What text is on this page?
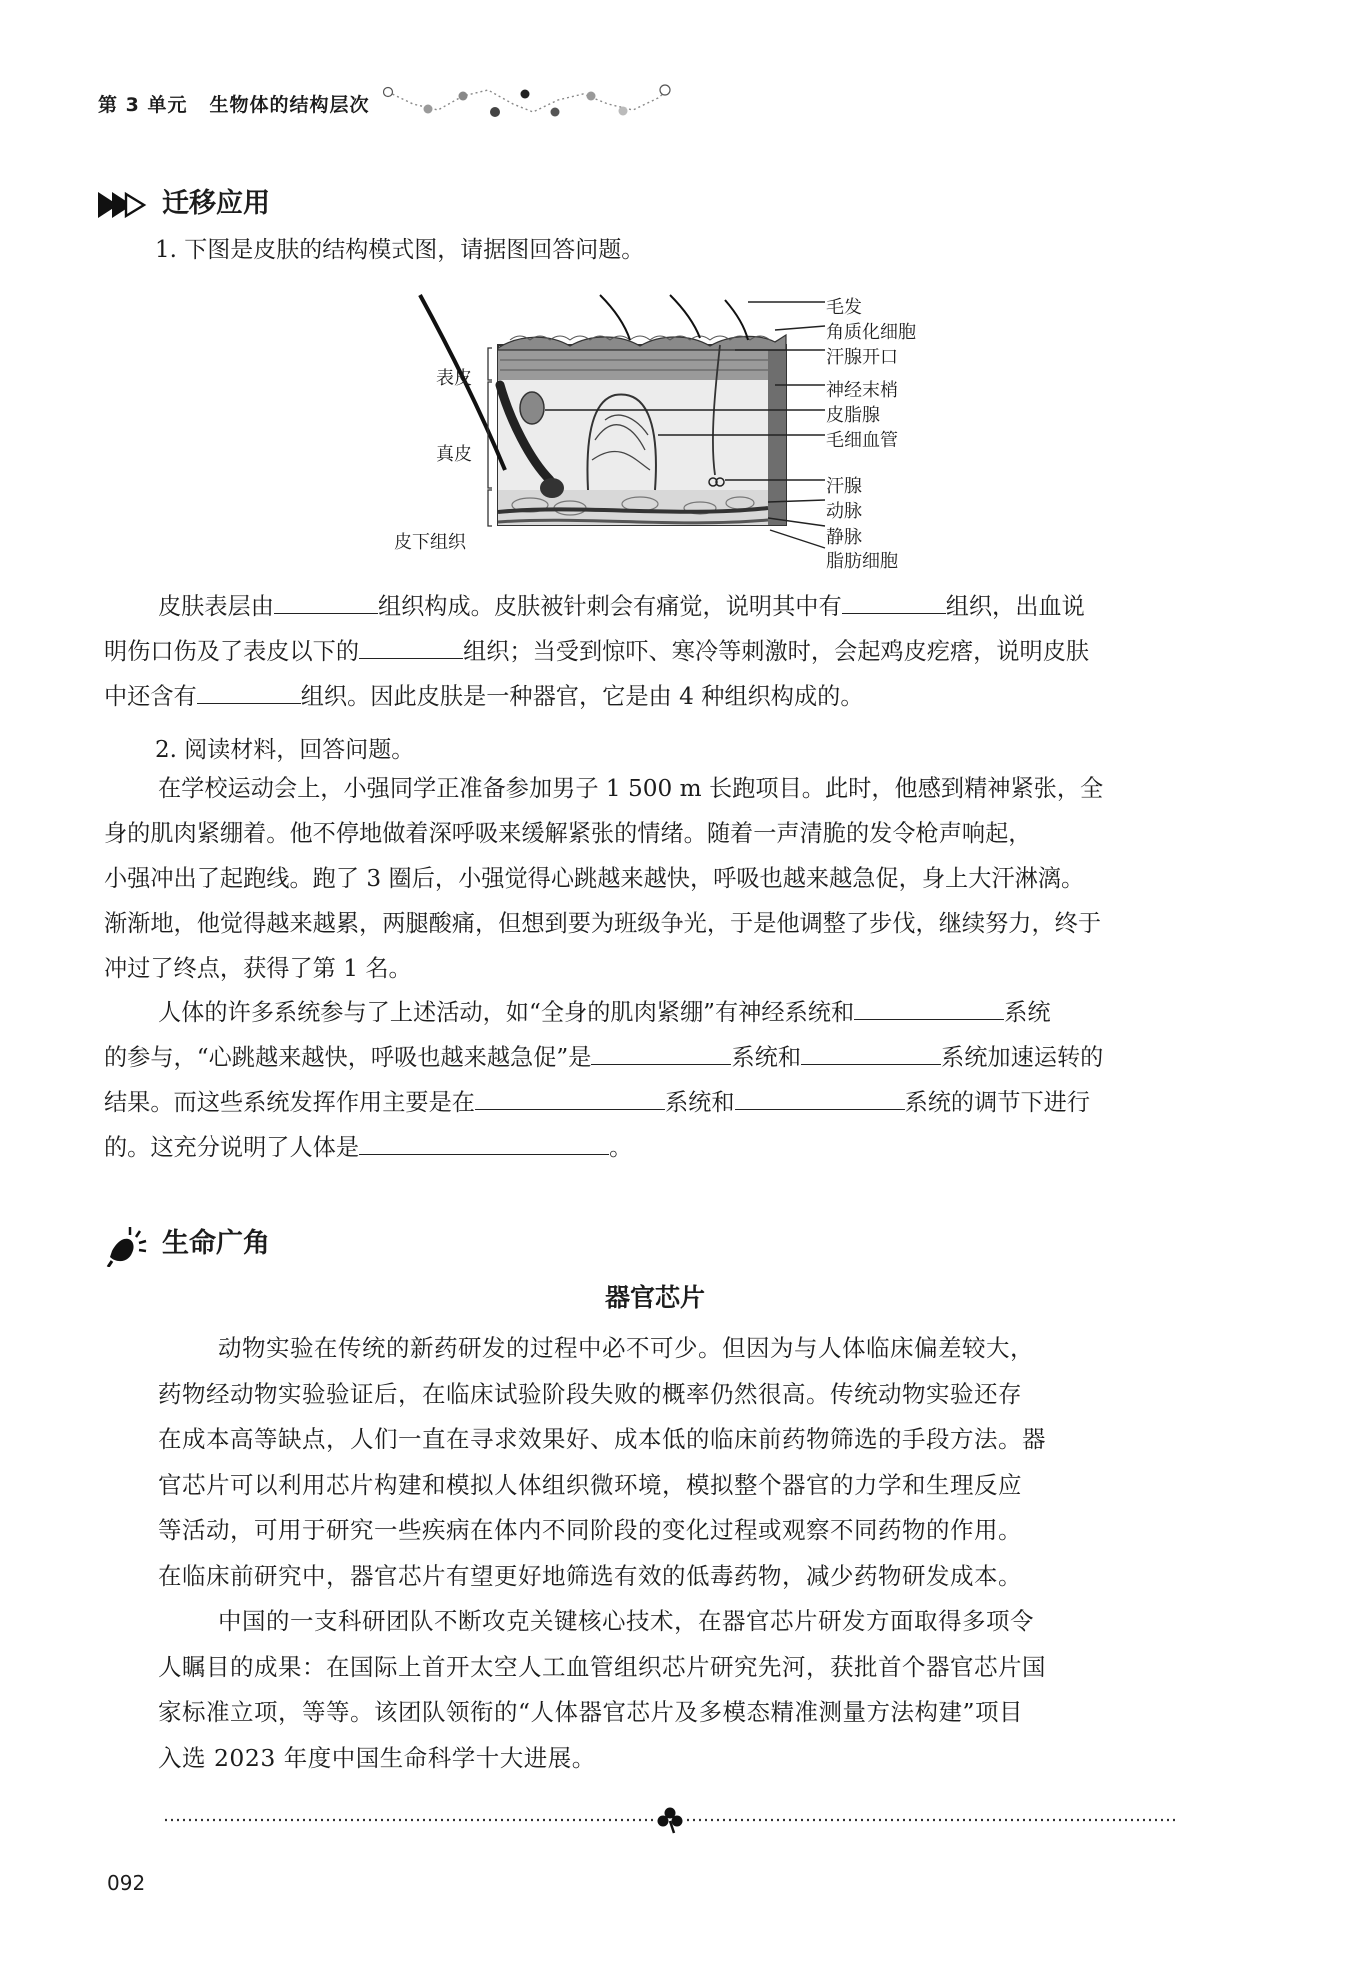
第 3 单元 生物体的结构层次
迁移应用
1. 下图是皮肤的结构模式图，请据图回答问题。
表皮
真皮
皮下组织
毛发
角质化细胞
汗腺开口
神经末梢
皮脂腺
毛细血管
汗腺
动脉
静脉
脂肪细胞
皮肤表层由	组织构成。皮肤被针刺会有痛觉，说明其中有	组织，出血说
明伤口伤及了表皮以下的	组织；当受到惊吓、寒冷等刺激时，会起鸡皮疙瘩，说明皮肤
中还含有	组织。因此皮肤是一种器官，它是由 4 种组织构成的。
2. 阅读材料，回答问题。
在学校运动会上，小强同学正准备参加男子 1 500 m 长跑项目。此时，他感到精神紧张，全
身的肌肉紧绷着。他不停地做着深呼吸来缓解紧张的情绪。随着一声清脆的发令枪声响起，
小强冲出了起跑线。跑了 3 圈后，小强觉得心跳越来越快，呼吸也越来越急促，身上大汗淋漓。
渐渐地，他觉得越来越累，两腿酸痛，但想到要为班级争光，于是他调整了步伐，继续努力，终于
冲过了终点，获得了第 1 名。
人体的许多系统参与了上述活动，如“全身的肌肉紧绷”有神经系统和	系统
的参与，“心跳越来越快，呼吸也越来越急促”是	系统和	系统加速运转的
结果。而这些系统发挥作用主要是在	系统和	系统的调节下进行
的。这充分说明了人体是	。
生命广角
器官芯片
动物实验在传统的新药研发的过程中必不可少。但因为与人体临床偏差较大，
药物经动物实验验证后，在临床试验阶段失败的概率仍然很高。传统动物实验还存
在成本高等缺点，人们一直在寻求效果好、成本低的临床前药物筛选的手段方法。器
官芯片可以利用芯片构建和模拟人体组织微环境，模拟整个器官的力学和生理反应
等活动，可用于研究一些疾病在体内不同阶段的变化过程或观察不同药物的作用。
在临床前研究中，器官芯片有望更好地筛选有效的低毒药物，减少药物研发成本。
中国的一支科研团队不断攻克关键核心技术，在器官芯片研发方面取得多项令
人瞩目的成果：在国际上首开太空人工血管组织芯片研究先河，获批首个器官芯片国
家标准立项，等等。该团队领衔的“人体器官芯片及多模态精准测量方法构建”项目
入选 2023 年度中国生命科学十大进展。
092
